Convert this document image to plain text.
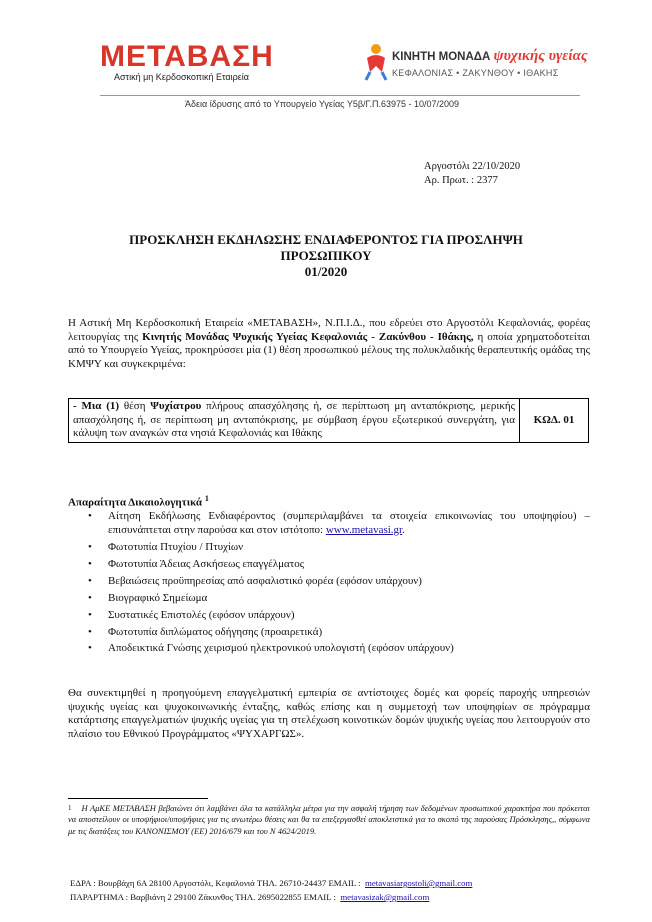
ΜΕΤΑΒΑΣΗ
Αστική μη Κερδοσκοπική Εταιρεία
ΚΙΝΗΤΗ ΜΟΝΑΔΑ ψυχικής υγείας
ΚΕΦΑΛΟΝΙΑΣ • ΖΑΚΥΝΘΟΥ • ΙΘΑΚΗΣ
Άδεια ίδρυσης από το Υπουργείο Υγείας Υ5β/Γ.Π.63975 - 10/07/2009
Αργοστόλι 22/10/2020
Αρ. Πρωτ. : 2377
ΠΡΟΣΚΛΗΣΗ ΕΚΔΗΛΩΣΗΣ ΕΝΔΙΑΦΕΡΟΝΤΟΣ ΓΙΑ ΠΡΟΣΛΗΨΗ
ΠΡΟΣΩΠΙΚΟΥ
01/2020
Η Αστική Μη Κερδοσκοπική Εταιρεία «ΜΕΤΑΒΑΣΗ», Ν.Π.Ι.Δ., που εδρεύει στο Αργοστόλι Κεφαλονιάς, φορέας λειτουργίας της Κινητής Μονάδας Ψυχικής Υγείας Κεφαλονιάς - Ζακύνθου - Ιθάκης, η οποία χρηματοδοτείται από το Υπουργείο Υγείας, προκηρύσσει μία (1) θέση προσωπικού μέλους της πολυκλαδικής θεραπευτικής ομάδας της ΚΜΨΥ και συγκεκριμένα:
- Μια (1) θέση Ψυχίατρου πλήρους απασχόλησης ή, σε περίπτωση μη ανταπόκρισης, μερικής απασχόλησης ή, σε περίπτωση μη ανταπόκρισης, με σύμβαση έργου εξωτερικού συνεργάτη, για κάλυψη των αναγκών στα νησιά Κεφαλονιάς και Ιθάκης	ΚΩΔ. 01
Απαραίτητα Δικαιολογητικά $^1$
• Αίτηση Εκδήλωσης Ενδιαφέροντος (συμπεριλαμβάνει τα στοιχεία επικοινωνίας του υποψηφίου) – επισυνάπτεται στην παρούσα και στον ιστότοπο: www.metavasi.gr.
• Φωτοτυπία Πτυχίου / Πτυχίων
• Φωτοτυπία Άδειας Ασκήσεως επαγγέλματος
• Βεβαιώσεις προϋπηρεσίας από ασφαλιστικό φορέα (εφόσον υπάρχουν)
• Βιογραφικό Σημείωμα
• Συστατικές Επιστολές (εφόσον υπάρχουν)
• Φωτοτυπία διπλώματος οδήγησης (προαιρετικά)
• Αποδεικτικά Γνώσης χειρισμού ηλεκτρονικού υπολογιστή (εφόσον υπάρχουν)
Θα συνεκτιμηθεί η προηγούμενη επαγγελματική εμπειρία σε αντίστοιχες δομές και φορείς παροχής υπηρεσιών ψυχικής υγείας και ψυχοκοινωνικής ένταξης, καθώς επίσης και η συμμετοχή των υποψηφίων σε πρόγραμμα κατάρτισης επαγγελματιών ψυχικής υγείας για τη στελέχωση κοινοτικών δομών ψυχικής υγείας που λειτουργούν στο πλαίσιο του Εθνικού Προγράμματος «ΨΥΧΑΡΓΩΣ».
$^1$ Η ΑμΚΕ ΜΕΤΑΒΑΣΗ βεβαιώνει ότι λαμβάνει όλα τα κατάλληλα μέτρα για την ασφαλή τήρηση των δεδομένων προσωπικού χαρακτήρα που πρόκειται να αποστείλουν οι υποψήφιοι/υποψήφιες για τις ανωτέρω θέσεις και θα τα επεξεργασθεί αποκλειστικά για το σκοπό της παρούσας Πρόσκλησης,, σύμφωνα με τις διατάξεις του ΚΑΝΟΝΙΣΜΟΥ (ΕΕ) 2016/679 και του Ν 4624/2019.
ΕΔΡΑ : Βουρβάχη 6Α 28100 Αργοστόλι, Κεφαλονιά ΤΗΛ. 26710-24437 EMAIL : metavasiargostoli@gmail.com
ΠΑΡΑΡΤΗΜΑ : Βαρβιάνη 2 29100 Ζάκυνθος ΤΗΛ. 2695022855 EMAIL : metavasizak@gmail.com
